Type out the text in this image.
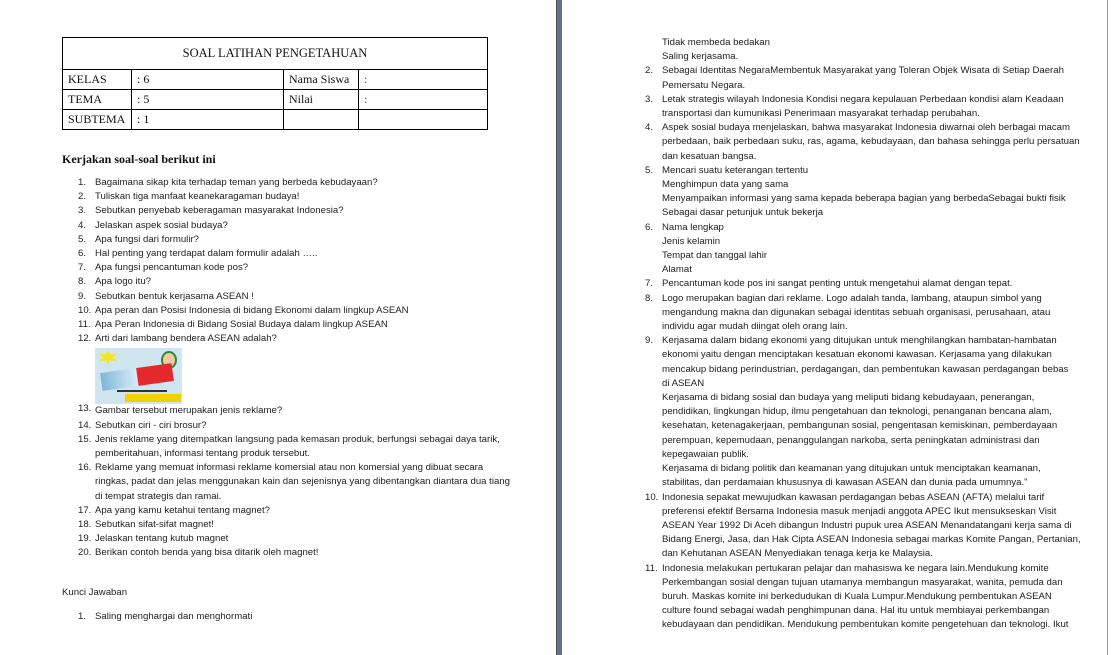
SOAL LATIHAN PENGETAHUAN			
KELAS	: 6	Nama Siswa	:
TEMA	: 5	Nilai	:
SUBTEMA	: 1		
Kerjakan soal-soal berikut ini
1. Bagaimana sikap kita terhadap teman yang berbeda kebudayaan?
2. Tuliskan tiga manfaat keanekaragaman budaya!
3. Sebutkan penyebab keberagaman masyarakat Indonesia?
4. Jelaskan aspek sosial budaya?
5. Apa fungsi dari formulir?
6. Hal penting yang terdapat dalam formulir adalah …..
7. Apa fungsi pencantuman kode pos?
8. Apa logo itu?
9. Sebutkan bentuk kerjasama ASEAN !
10. Apa peran dan Posisi Indonesia di bidang Ekonomi dalam lingkup ASEAN
11. Apa Peran Indonesia di Bidang Sosial Budaya dalam lingkup ASEAN
12. Arti dari lambang bendera ASEAN adalah?
13. Gambar tersebut merupakan jenis reklame?
14. Sebutkan ciri - ciri brosur?
15. Jenis reklame yang ditempatkan langsung pada kemasan produk, berfungsi sebagai daya tarik,
pemberitahuan, informasi tentang produk tersebut.
16. Reklame yang memuat informasi reklame komersial atau non komersial yang dibuat secara
ringkas, padat dan jelas menggunakan kain dan sejenisnya yang dibentangkan diantara dua tiang
di tempat strategis dan ramai.
17. Apa yang kamu ketahui tentang magnet?
18. Sebutkan sifat-sifat magnet!
19. Jelaskan tentang kutub magnet
20. Berikan contoh benda yang bisa ditarik oleh magnet!
Kunci Jawaban
1. Saling menghargai dan menghormati
Tidak membeda bedakan
Saling kerjasama.
2. Sebagai Identitas NegaraMembentuk Masyarakat yang Toleran Objek Wisata di Setiap Daerah
Pemersatu Negara.
3. Letak strategis wilayah Indonesia Kondisi negara kepulauan Perbedaan kondisi alam Keadaan
transportasi dan kumunikasi Penerimaan masyarakat terhadap perubahan.
4. Aspek sosial budaya menjelaskan, bahwa masyarakat Indonesia diwarnai oleh berbagai macam
perbedaan, baik perbedaan suku, ras, agama, kebudayaan, dan bahasa sehingga perlu persatuan
dan kesatuan bangsa.
5. Mencari suatu keterangan tertentu
Menghimpun data yang sama
Menyampaikan informasi yang sama kepada beberapa bagian yang berbedaSebagai bukti fisik
Sebagai dasar petunjuk untuk bekerja
6. Nama lengkap
Jenis kelamin
Tempat dan tanggal lahir
Alamat
7. Pencantuman kode pos ini sangat penting untuk mengetahui alamat dengan tepat.
8. Logo merupakan bagian dari reklame. Logo adalah tanda, lambang, ataupun simbol yang
mengandung makna dan digunakan sebagai identitas sebuah organisasi, perusahaan, atau
individu agar mudah diingat oleh orang lain.
9. Kerjasama dalam bidang ekonomi yang ditujukan untuk menghilangkan hambatan-hambatan
ekonomi yaitu dengan menciptakan kesatuan ekonomi kawasan. Kerjasama yang dilakukan
mencakup bidang perindustrian, perdagangan, dan pembentukan kawasan perdagangan bebas
di ASEAN
Kerjasama di bidang sosial dan budaya yang meliputi bidang kebudayaan, penerangan,
pendidikan, lingkungan hidup, ilmu pengetahuan dan teknologi, penanganan bencana alam,
kesehatan, ketenagakerjaan, pembangunan sosial, pengentasan kemiskinan, pemberdayaan
perempuan, kepemudaan, penanggulangan narkoba, serta peningkatan administrasi dan
kepegawaian publik.
Kerjasama di bidang politik dan keamanan yang ditujukan untuk menciptakan keamanan,
stabilitas, dan perdamaian khususnya di kawasan ASEAN dan dunia pada umumnya."
10. Indonesia sepakat mewujudkan kawasan perdagangan bebas ASEAN (AFTA) melalui tarif
preferensi efektif Bersama Indonesia masuk menjadi anggota APEC Ikut mensukseskan Visit
ASEAN Year 1992 Di Aceh dibangun Industri pupuk urea ASEAN Menandatangani kerja sama di
Bidang Energi, Jasa, dan Hak Cipta ASEAN Indonesia sebagai markas Komite Pangan, Pertanian,
dan Kehutanan ASEAN Menyediakan tenaga kerja ke Malaysia.
11. Indonesia melakukan pertukaran pelajar dan mahasiswa ke negara lain.Mendukung komite
Perkembangan sosial dengan tujuan utamanya membangun masyarakat, wanita, pemuda dan
buruh. Maskas komite ini berkedudukan di Kuala Lumpur.Mendukung pembentukan ASEAN
culture found sebagai wadah penghimpunan dana. Hal itu untuk membiayai perkembangan
kebudayaan dan pendidikan. Mendukung pembentukan komite pengetehuan dan teknologi. Ikut
